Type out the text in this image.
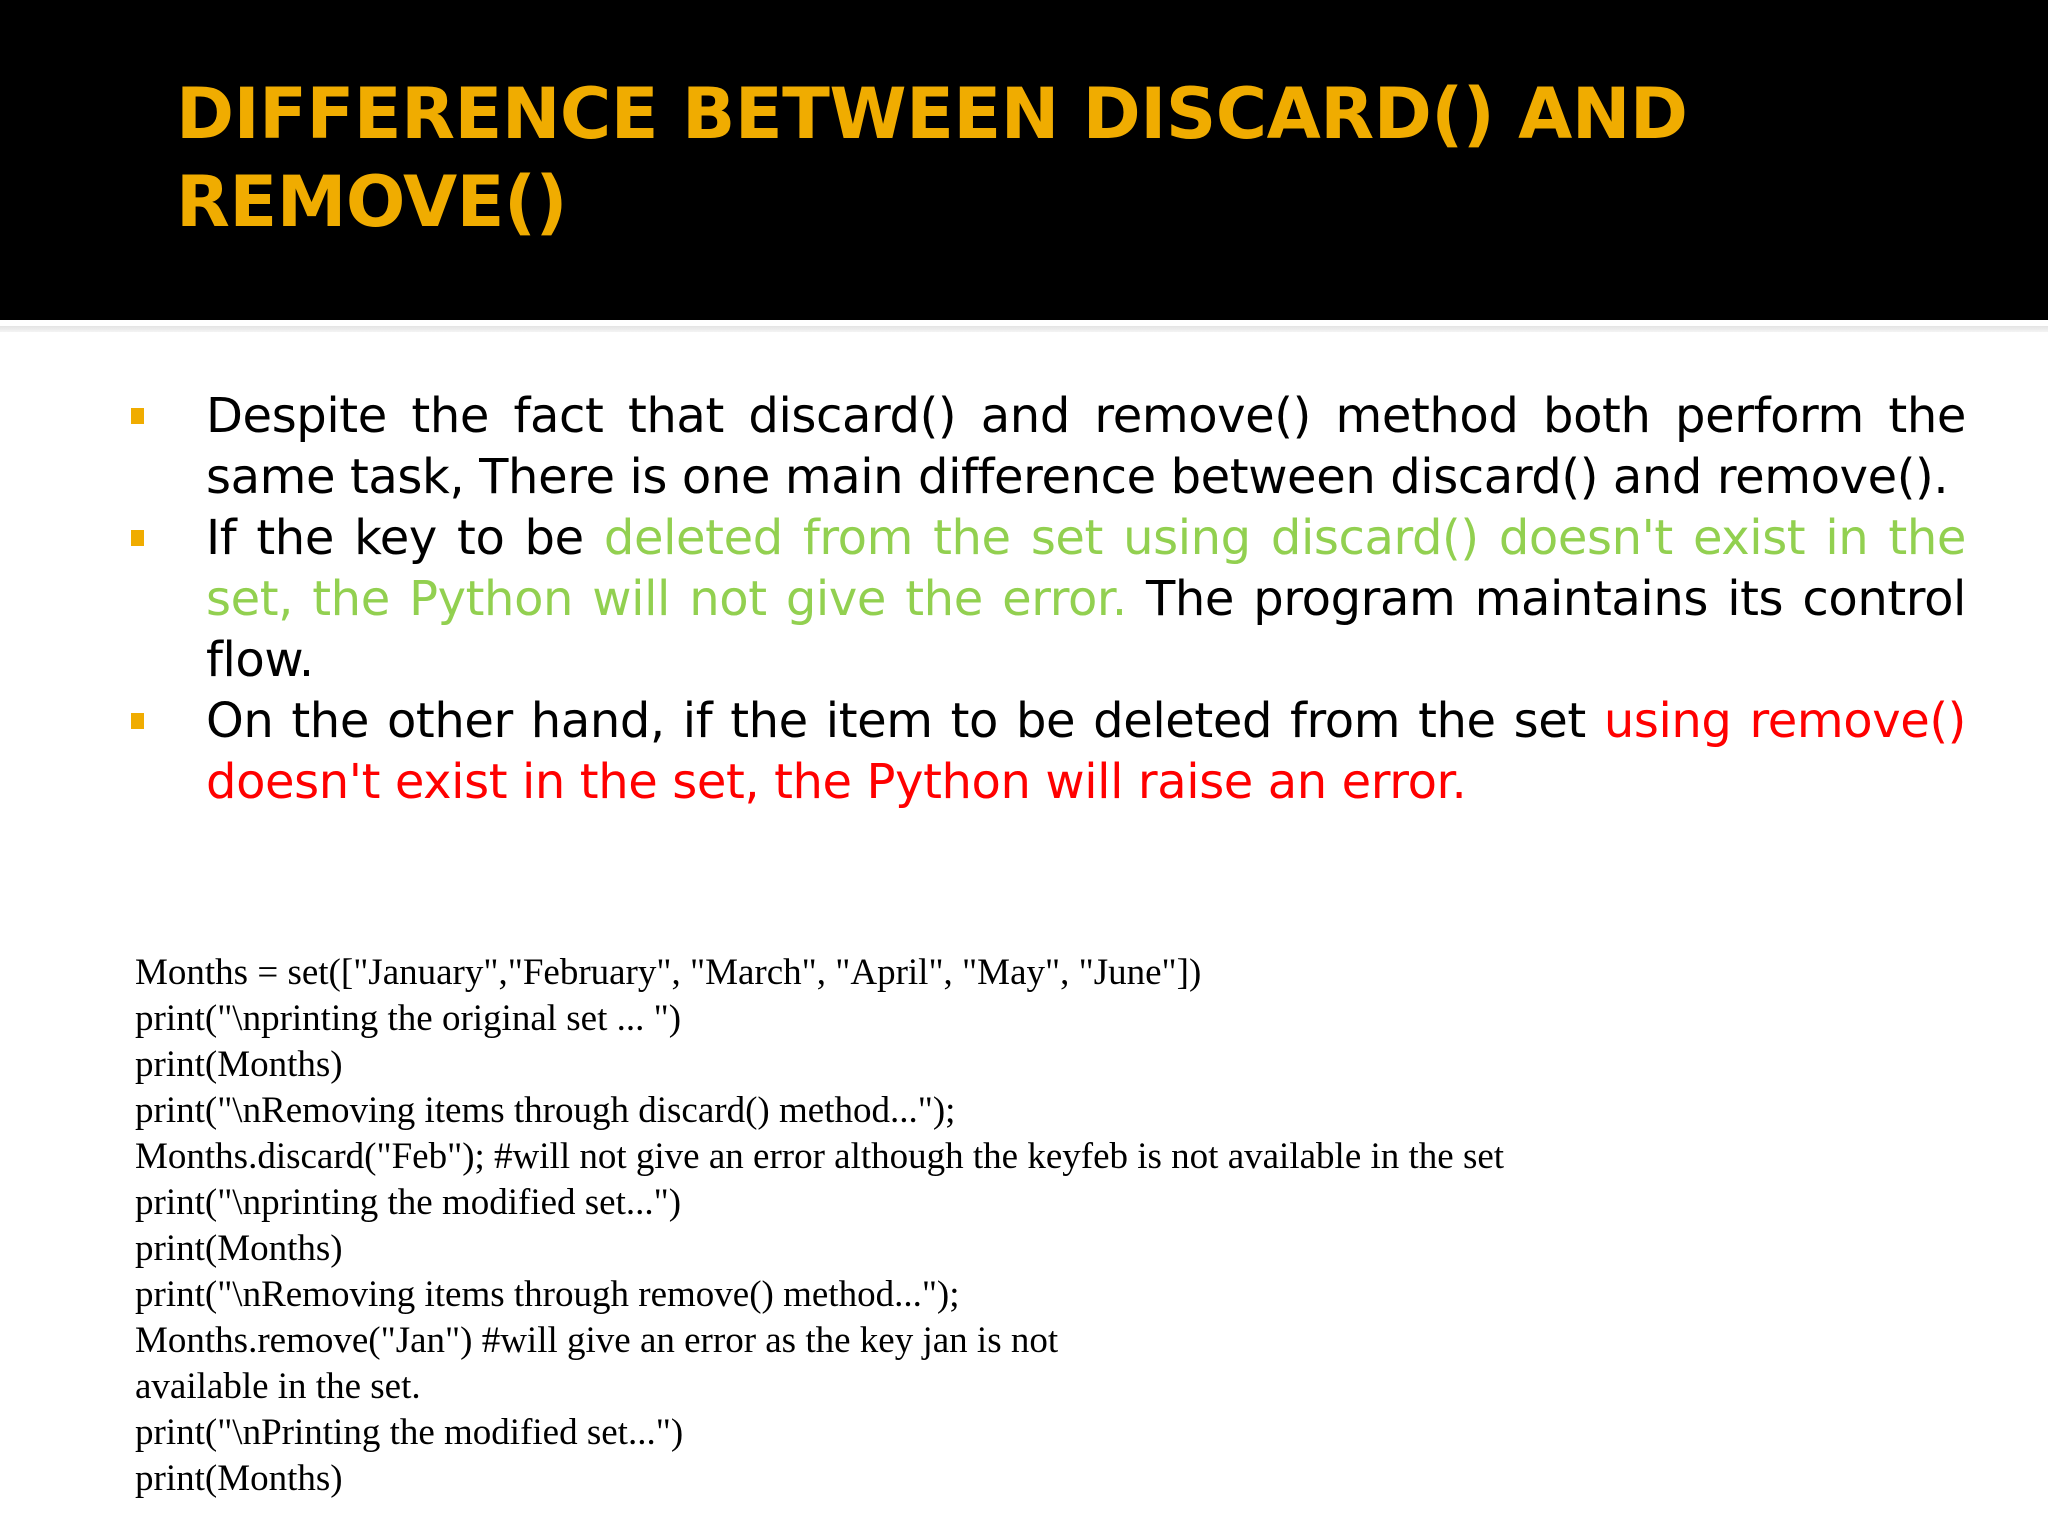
DIFFERENCE BETWEEN DISCARD() AND
REMOVE()
Despite the fact that discard() and remove() method both perform the same task, There is one main difference between discard() and remove().
If the key to be deleted from the set using discard() doesn't exist in the set, the Python will not give the error. The program maintains its control flow.
On the other hand, if the item to be deleted from the set using remove() doesn't exist in the set, the Python will raise an error.
Months = set(["January","February", "March", "April", "May", "June"])
print("\nprinting the original set ... ")
print(Months)
print("\nRemoving items through discard() method...");
Months.discard("Feb"); #will not give an error although the keyfeb is not available in the set
print("\nprinting the modified set...")
print(Months)
print("\nRemoving items through remove() method...");
Months.remove("Jan") #will give an error as the key jan is not
available in the set.
print("\nPrinting the modified set...")
print(Months)
